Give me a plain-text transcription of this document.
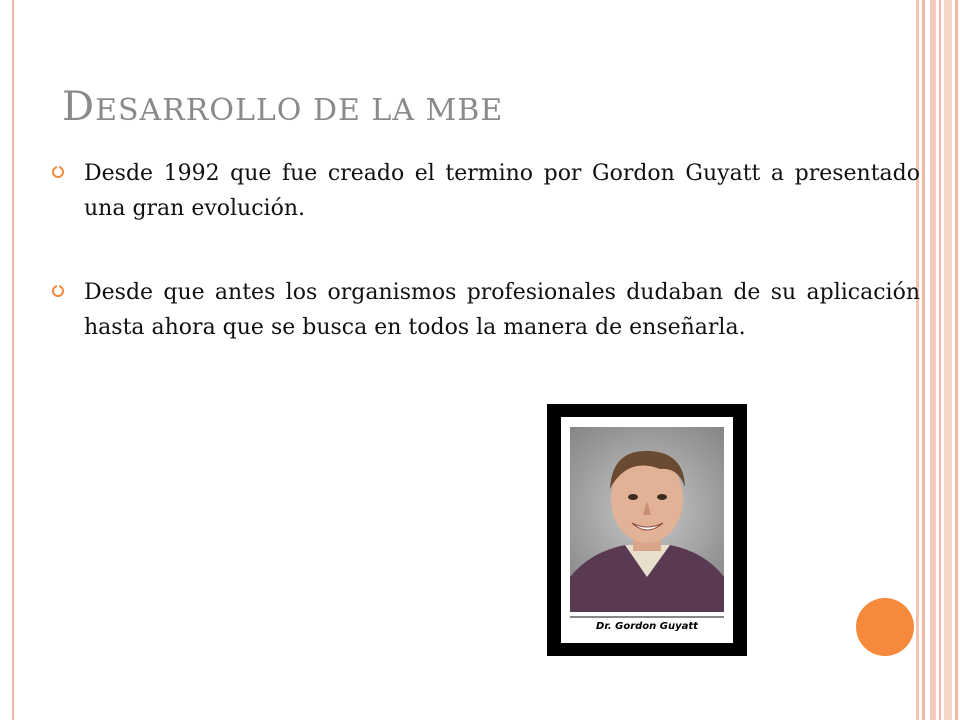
DESARROLLO DE LA MBE
Desde 1992 que fue creado el termino por Gordon Guyatt a presentado una gran evolución.
Desde que antes los organismos profesionales dudaban de su aplicación hasta ahora que se busca en todos la manera de enseñarla.
Dr. Gordon Guyatt
